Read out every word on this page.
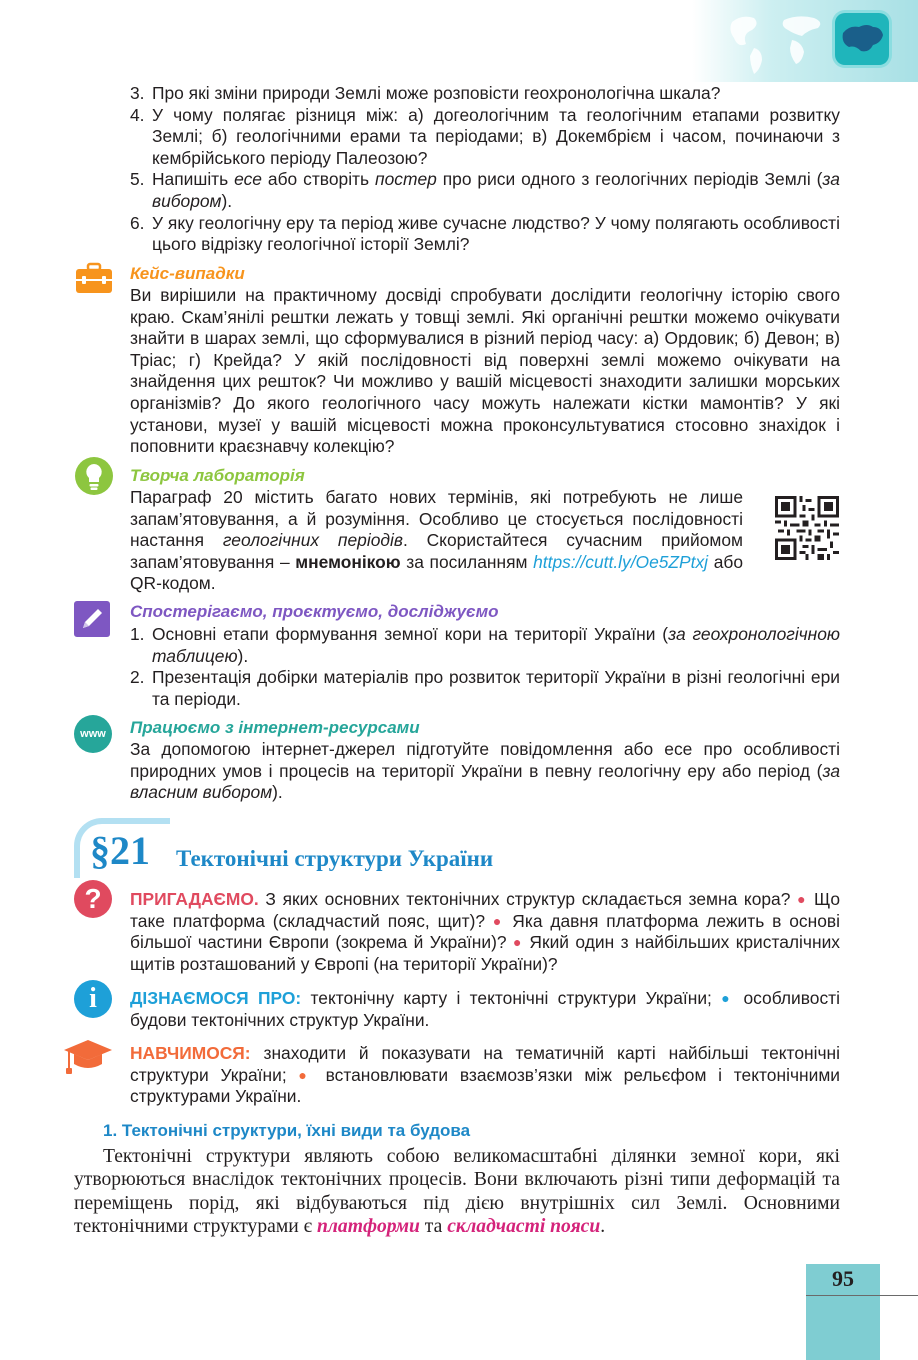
3. Про які зміни природи Землі може розповісти геохронологічна шкала?
4. У чому полягає різниця між: а) догеологічним та геологічним етапами розвитку Землі; б) геологічними ерами та періодами; в) Докембрієм і часом, починаючи з кембрійського періоду Палеозою?
5. Напишіть есе або створіть постер про риси одного з геологічних періодів Землі (за вибором).
6. У яку геологічну еру та період живе сучасне людство? У чому полягають особливості цього відрізку геологічної історії Землі?
Кейс-випадки
Ви вирішили на практичному досвіді спробувати дослідити геологічну історію свого краю. Скам’янілі рештки лежать у товщі землі. Які органічні рештки можемо очікувати знайти в шарах землі, що сформувалися в різний період часу: а) Ордовик; б) Девон; в) Тріас; г) Крейда? У якій послідовності від поверхні землі можемо очікувати на знайдення цих решток? Чи можливо у вашій місцевості знаходити залишки морських організмів? До якого геологічного часу можуть належати кістки мамонтів? У які установи, музеї у вашій місцевості можна проконсультуватися стосовно знахідок і поповнити краєзнавчу колекцію?
Творча лабораторія
Параграф 20 містить багато нових термінів, які потребують не лише запам’ятовування, а й розуміння. Особливо це стосується послідовності настання геологічних періодів. Скористайтеся сучасним прийомом запам’ятовування – мнемонікою за посиланням https://cutt.ly/Oe5ZPtxj або QR-кодом.
Спостерігаємо, проєктуємо, досліджуємо
1. Основні етапи формування земної кори на території України (за геохронологічною таблицею).
2. Презентація добірки матеріалів про розвиток території України в різні геологічні ери та періоди.
www	Працюємо з інтернет-ресурсами
За допомогою інтернет-джерел підготуйте повідомлення або есе про особливості природних умов і процесів на території України в певну геологічну еру або період (за власним вибором).
§21 Тектонічні структури України
?	ПРИГАДАЄМО. З яких основних тектонічних структур складається земна кора? ● Що таке платформа (складчастий пояс, щит)? ● Яка давня платформа лежить в основі більшої частини Європи (зокрема й України)? ● Який один з найбільших кристалічних щитів розташований у Європі (на території України)?
i	ДІЗНАЄМОСЯ ПРО: тектонічну карту і тектонічні структури України; ● особливості будови тектонічних структур України.
НАВЧИМОСЯ: знаходити й показувати на тематичній карті найбільші тектонічні структури України; ● встановлювати взаємозв’язки між рельєфом і тектонічними структурами України.
1. Тектонічні структури, їхні види та будова
Тектонічні структури являють собою великомасштабні ділянки земної кори, які утворюються внаслідок тектонічних процесів. Вони включають різні типи деформацій та переміщень порід, які відбуваються під дією внутрішніх сил Землі. Основними тектонічними структурами є платформи та складчасті пояси.
95
